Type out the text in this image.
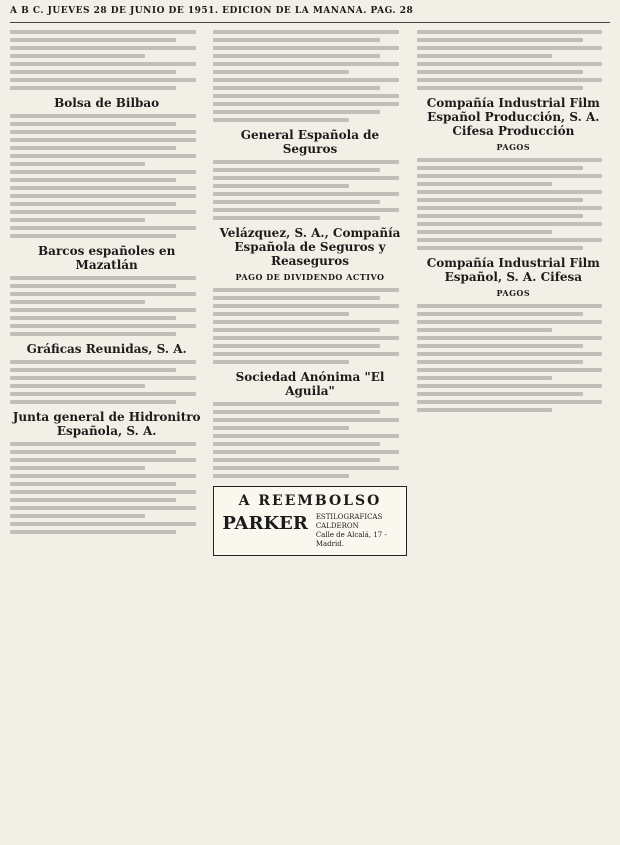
A B C. JUEVES 28 DE JUNIO DE 1951. EDICION DE LA MAÑANA. PAG. 28
Bolsa de Bilbao
Barcos españoles en Mazatlán
Gráficas Reunidas, S. A.
Junta general de Hidronitro Española, S. A.
General Española de Seguros
Velázquez, S. A., Compañía Española de Seguros y Reaseguros
PAGO DE DIVIDENDO ACTIVO
Sociedad Anónima "El Aguila"
A REEMBOLSO
PARKER ESTILOGRAFICAS CALDERON
Calle de Alcalá, 17 - Madrid.
Compañía Industrial Film Español Producción, S. A. Cifesa Producción
PAGOS
Compañía Industrial Film Español, S. A. Cifesa
PAGOS
